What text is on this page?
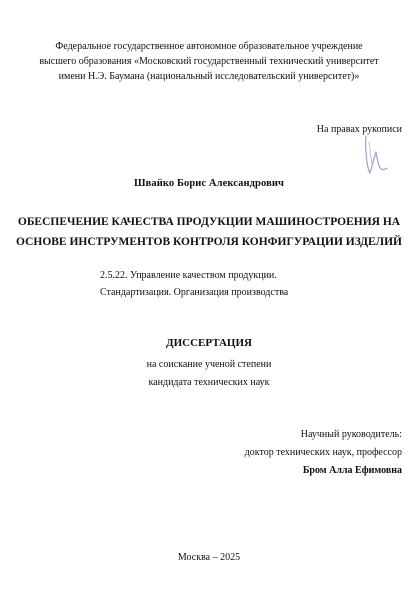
Федеральное государственное автономное образовательное учреждение
высшего образования «Московский государственный технический университет
имени Н.Э. Баумана (национальный исследовательский университет)»
На правах рукописи
Швайко Борис Александрович
ОБЕСПЕЧЕНИЕ КАЧЕСТВА ПРОДУКЦИИ МАШИНОСТРОЕНИЯ НА
ОСНОВЕ ИНСТРУМЕНТОВ КОНТРОЛЯ КОНФИГУРАЦИИ ИЗДЕЛИЙ
2.5.22. Управление качеством продукции.
Стандартизация. Организация производства
ДИССЕРТАЦИЯ
на соискание ученой степени
кандидата технических наук
Научный руководитель:
доктор технических наук, профессор
Бром Алла Ефимовна
Москва – 2025
